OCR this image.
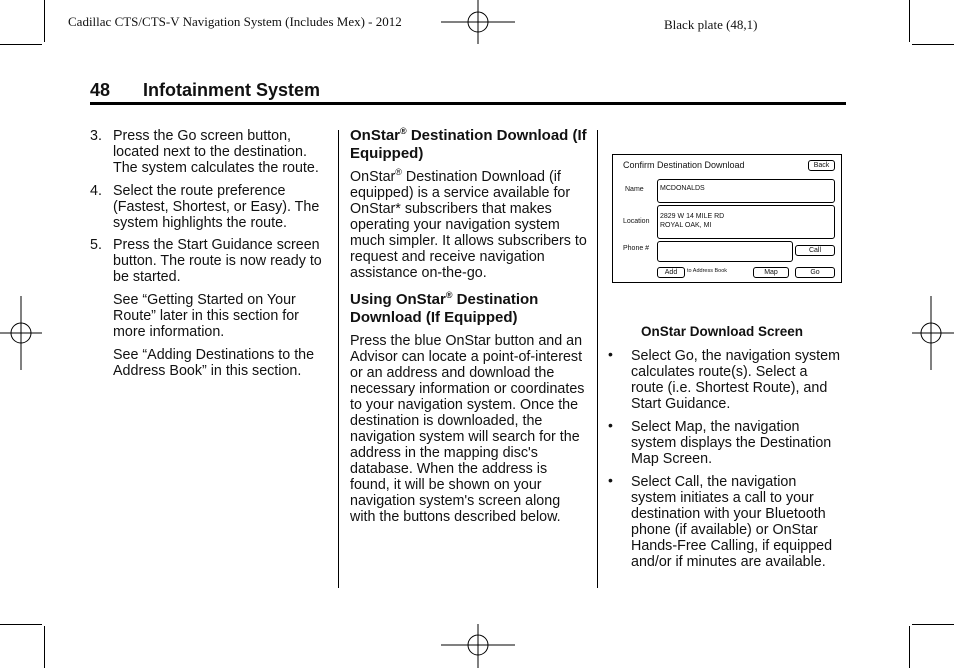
Cadillac CTS/CTS-V Navigation System (Includes Mex) - 2012	Black plate (48,1)
48 Infotainment System
3. Press the Go screen button, located next to the destination. The system calculates the route.
4. Select the route preference (Fastest, Shortest, or Easy). The system highlights the route.
5. Press the Start Guidance screen button. The route is now ready to be started.

See “Getting Started on Your Route” later in this section for more information.

See “Adding Destinations to the Address Book” in this section.

OnStar® Destination Download (If Equipped)

OnStar® Destination Download (if equipped) is a service available for OnStar* subscribers that makes operating your navigation system much simpler. It allows subscribers to request and receive navigation assistance on-the-go.

Using OnStar® Destination Download (If Equipped)

Press the blue OnStar button and an Advisor can locate a point-of-interest or an address and download the necessary information or coordinates to your navigation system. Once the destination is downloaded, the navigation system will search for the address in the mapping disc's database. When the address is found, it will be shown on your navigation system's screen along with the buttons described below.

Confirm Destination Download	Back
Name MCDONALDS
Location
2829 W 14 MILE RD
ROYAL OAK, MI
Phone #	Call
Add	to Address Book	Map	Go
OnStar Download Screen
• Select Go, the navigation system calculates route(s). Select a route (i.e. Shortest Route), and Start Guidance.
• Select Map, the navigation system displays the Destination Map Screen.
• Select Call, the navigation system initiates a call to your destination with your Bluetooth phone (if available) or OnStar Hands-Free Calling, if equipped and/or if minutes are available.
